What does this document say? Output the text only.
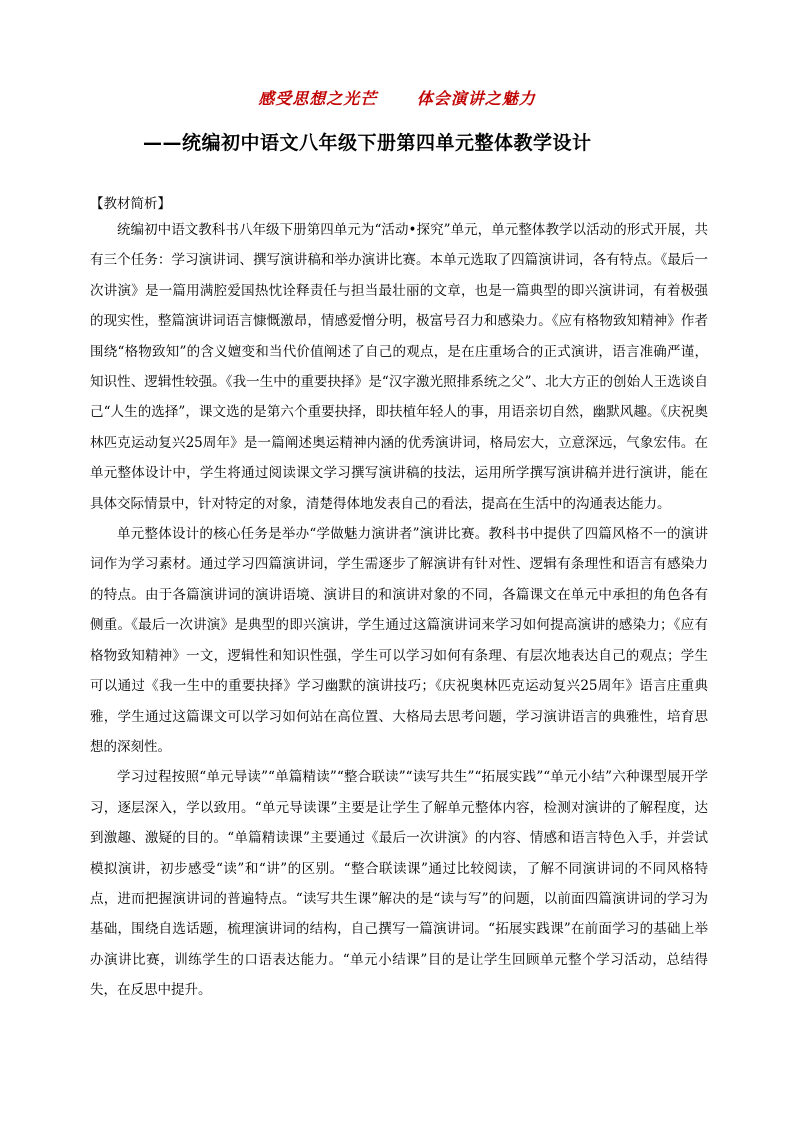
感受思想之光芒      体会演讲之魅力
——统编初中语文八年级下册第四单元整体教学设计
【教材简析】

统编初中语文教科书八年级下册第四单元为“活动•探究”单元，单元整体教学以活动的形式开展，共有三个任务：学习演讲词、撰写演讲稿和举办演讲比赛。本单元选取了四篇演讲词，各有特点。《最后一次讲演》是一篇用满腔爱国热忱诠释责任与担当最壮丽的文章，也是一篇典型的即兴演讲词，有着极强的现实性，整篇演讲词语言慷慨激昂，情感爱憎分明，极富号召力和感染力。《应有格物致知精神》作者围绕“格物致知”的含义嬗变和当代价值阐述了自己的观点，是在庄重场合的正式演讲，语言准确严谨，知识性、逻辑性较强。《我一生中的重要抉择》是“汉字激光照排系统之父”、北大方正的创始人王选谈自己“人生的选择”，课文选的是第六个重要抉择，即扶植年轻人的事，用语亲切自然，幽默风趣。《庆祝奥林匹克运动复兴25周年》是一篇阐述奥运精神内涵的优秀演讲词，格局宏大，立意深远，气象宏伟。在单元整体设计中，学生将通过阅读课文学习撰写演讲稿的技法，运用所学撰写演讲稿并进行演讲，能在具体交际情景中，针对特定的对象，清楚得体地发表自己的看法，提高在生活中的沟通表达能力。

单元整体设计的核心任务是举办“学做魅力演讲者”演讲比赛。教科书中提供了四篇风格不一的演讲词作为学习素材。通过学习四篇演讲词，学生需逐步了解演讲有针对性、逻辑有条理性和语言有感染力的特点。由于各篇演讲词的演讲语境、演讲目的和演讲对象的不同，各篇课文在单元中承担的角色各有侧重。《最后一次讲演》是典型的即兴演讲，学生通过这篇演讲词来学习如何提高演讲的感染力；《应有格物致知精神》一文，逻辑性和知识性强，学生可以学习如何有条理、有层次地表达自己的观点；学生可以通过《我一生中的重要抉择》学习幽默的演讲技巧；《庆祝奥林匹克运动复兴25周年》语言庄重典雅，学生通过这篇课文可以学习如何站在高位置、大格局去思考问题，学习演讲语言的典雅性，培育思想的深刻性。

学习过程按照“单元导读”“单篇精读”“整合联读”“读写共生”“拓展实践”“单元小结”六种课型展开学习，逐层深入，学以致用。“单元导读课”主要是让学生了解单元整体内容，检测对演讲的了解程度，达到激趣、激疑的目的。“单篇精读课”主要通过《最后一次讲演》的内容、情感和语言特色入手，并尝试模拟演讲，初步感受“读”和“讲”的区别。“整合联读课”通过比较阅读，了解不同演讲词的不同风格特点，进而把握演讲词的普遍特点。“读写共生课”解决的是“读与写”的问题，以前面四篇演讲词的学习为基础，围绕自选话题，梳理演讲词的结构，自己撰写一篇演讲词。“拓展实践课”在前面学习的基础上举办演讲比赛，训练学生的口语表达能力。“单元小结课”目的是让学生回顾单元整个学习活动，总结得失，在反思中提升。
